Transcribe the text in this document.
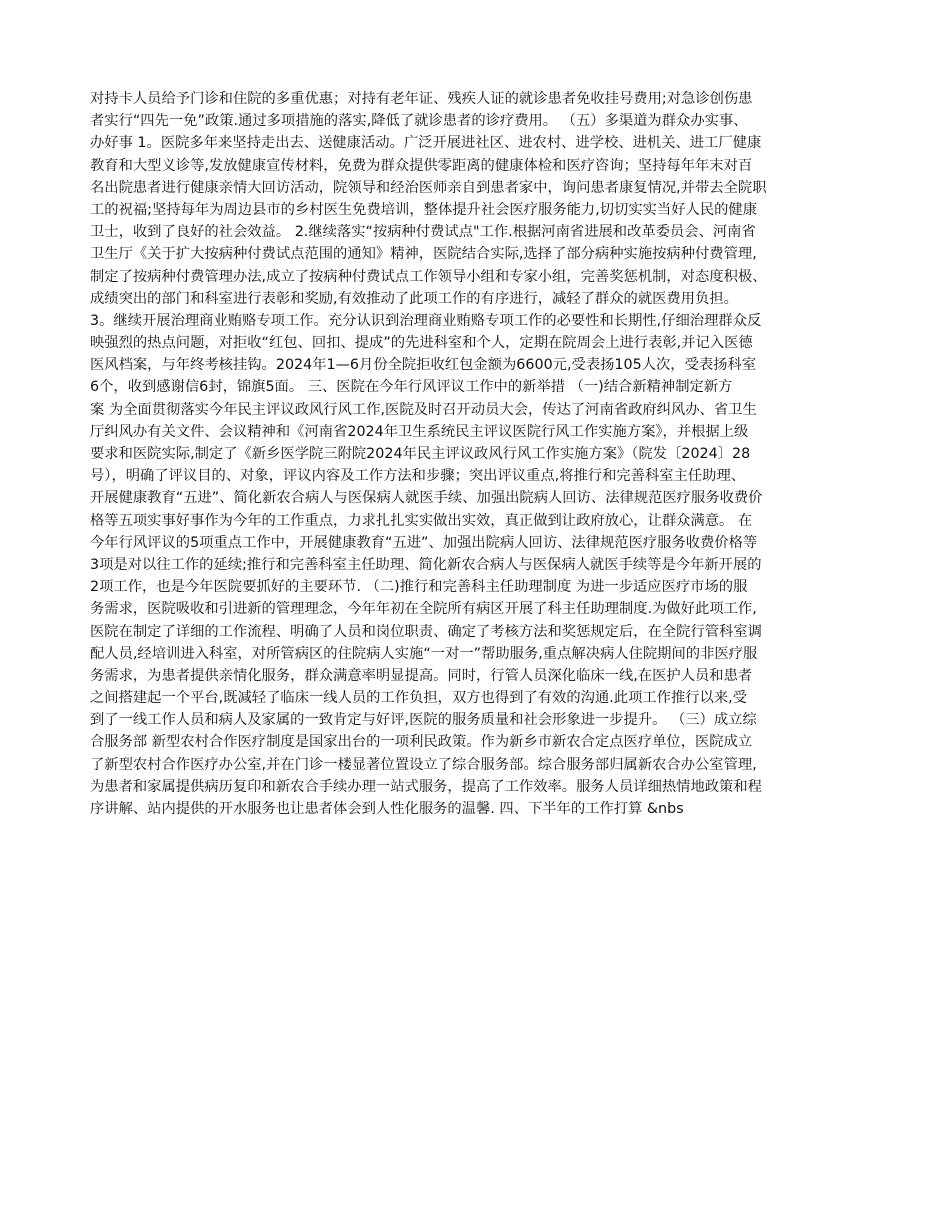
对持卡人员给予门诊和住院的多重优惠；对持有老年证、残疾人证的就诊患者免收挂号费用;对急诊创伤患
者实行“四先一免”政策.通过多项措施的落实,降低了就诊患者的诊疗费用。 （五）多渠道为群众办实事、
办好事 1。医院多年来坚持走出去、送健康活动。广泛开展进社区、进农村、进学校、进机关、进工厂健康
教育和大型义诊等,发放健康宣传材料，免费为群众提供零距离的健康体检和医疗咨询；坚持每年年末对百
名出院患者进行健康亲情大回访活动，院领导和经治医师亲自到患者家中，询问患者康复情况,并带去全院职
工的祝福;坚持每年为周边县市的乡村医生免费培训，整体提升社会医疗服务能力,切切实实当好人民的健康
卫士，收到了良好的社会效益。 2.继续落实“按病种付费试点"工作.根据河南省进展和改革委员会、河南省
卫生厅《关于扩大按病种付费试点范围的通知》精神，医院结合实际,选择了部分病种实施按病种付费管理,
制定了按病种付费管理办法,成立了按病种付费试点工作领导小组和专家小组，完善奖惩机制，对态度积极、
成绩突出的部门和科室进行表彰和奖励,有效推动了此项工作的有序进行，减轻了群众的就医费用负担。
3。继续开展治理商业贿赂专项工作。充分认识到治理商业贿赂专项工作的必要性和长期性,仔细治理群众反
映强烈的热点问题，对拒收“红包、回扣、提成”的先进科室和个人，定期在院周会上进行表彰,并记入医德
医风档案，与年终考核挂钩。2024年1—6月份全院拒收红包金额为6600元,受表扬105人次，受表扬科室
6个，收到感谢信6封，锦旗5面。 三、医院在今年行风评议工作中的新举措 （一)结合新精神制定新方
案 为全面贯彻落实今年民主评议政风行风工作,医院及时召开动员大会，传达了河南省政府纠风办、省卫生
厅纠风办有关文件、会议精神和《河南省2024年卫生系统民主评议医院行风工作实施方案》，并根据上级
要求和医院实际,制定了《新乡医学院三附院2024年民主评议政风行风工作实施方案》（院发〔2024〕28
号），明确了评议目的、对象，评议内容及工作方法和步骤；突出评议重点,将推行和完善科室主任助理、
开展健康教育“五进”、简化新农合病人与医保病人就医手续、加强出院病人回访、法律规范医疗服务收费价
格等五项实事好事作为今年的工作重点，力求扎扎实实做出实效，真正做到让政府放心，让群众满意。 在
今年行风评议的5项重点工作中，开展健康教育“五进”、加强出院病人回访、法律规范医疗服务收费价格等
3项是对以往工作的延续;推行和完善科室主任助理、简化新农合病人与医保病人就医手续等是今年新开展的
2项工作，也是今年医院要抓好的主要环节. （二)推行和完善科主任助理制度 为进一步适应医疗市场的服
务需求，医院吸收和引进新的管理理念，今年年初在全院所有病区开展了科主任助理制度.为做好此项工作,
医院在制定了详细的工作流程、明确了人员和岗位职责、确定了考核方法和奖惩规定后，在全院行管科室调
配人员,经培训进入科室，对所管病区的住院病人实施“一对一”帮助服务,重点解决病人住院期间的非医疗服
务需求，为患者提供亲情化服务，群众满意率明显提高。同时，行管人员深化临床一线,在医护人员和患者
之间搭建起一个平台,既减轻了临床一线人员的工作负担，双方也得到了有效的沟通.此项工作推行以来,受
到了一线工作人员和病人及家属的一致肯定与好评,医院的服务质量和社会形象进一步提升。 （三）成立综
合服务部 新型农村合作医疗制度是国家出台的一项利民政策。作为新乡市新农合定点医疗单位，医院成立
了新型农村合作医疗办公室,并在门诊一楼显著位置设立了综合服务部。综合服务部归属新农合办公室管理,
为患者和家属提供病历复印和新农合手续办理一站式服务，提高了工作效率。服务人员详细热情地政策和程
序讲解、站内提供的开水服务也让患者体会到人性化服务的温馨. 四、下半年的工作打算 &nbs
